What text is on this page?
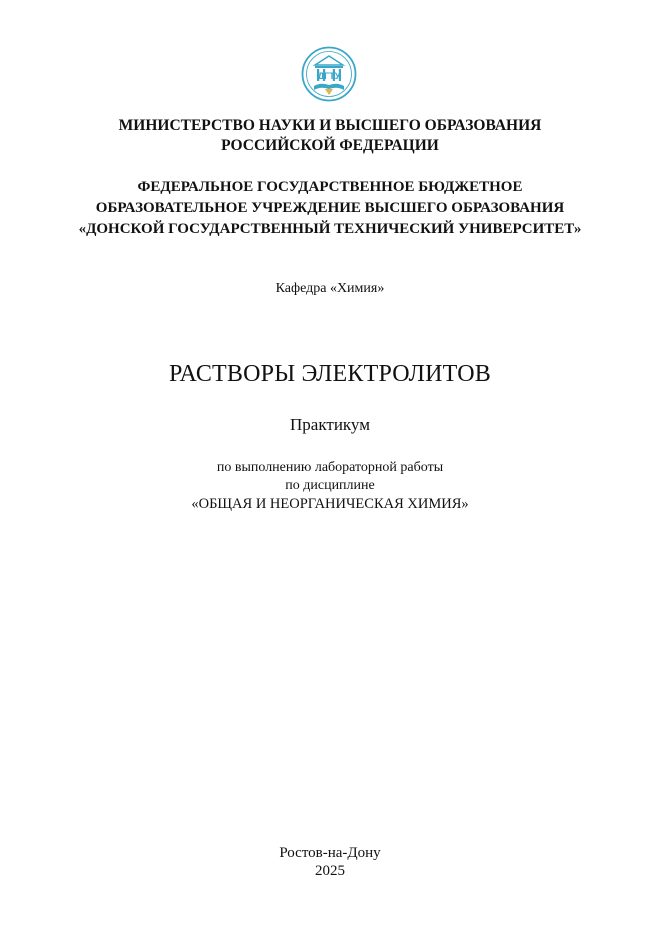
ДГТУ
МИНИСТЕРСТВО НАУКИ И ВЫСШЕГО ОБРАЗОВАНИЯ
РОССИЙСКОЙ ФЕДЕРАЦИИ
ФЕДЕРАЛЬНОЕ ГОСУДАРСТВЕННОЕ БЮДЖЕТНОЕ
ОБРАЗОВАТЕЛЬНОЕ УЧРЕЖДЕНИЕ ВЫСШЕГО ОБРАЗОВАНИЯ
«ДОНСКОЙ ГОСУДАРСТВЕННЫЙ ТЕХНИЧЕСКИЙ УНИВЕРСИТЕТ»
Кафедра «Химия»
РАСТВОРЫ ЭЛЕКТРОЛИТОВ
Практикум
по выполнению лабораторной работы
по дисциплине
«ОБЩАЯ И НЕОРГАНИЧЕСКАЯ ХИМИЯ»
Ростов-на-Дону
2025
